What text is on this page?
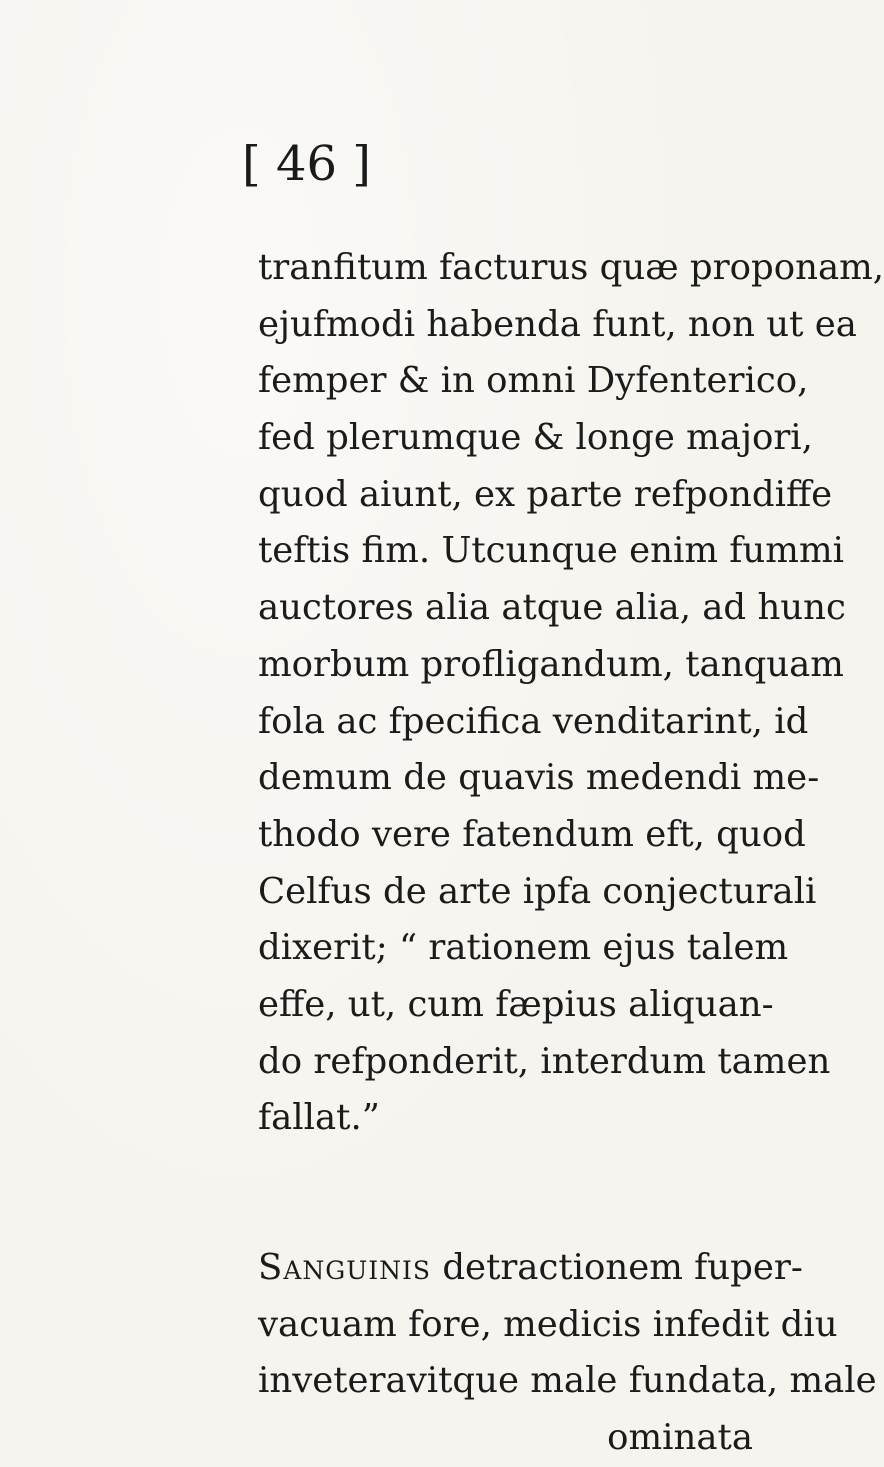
[ 46 ]
tranfitum facturus quæ proponam,
ejufmodi habenda funt, non ut ea
femper & in omni Dyfenterico,
fed plerumque & longe majori,
quod aiunt, ex parte refpondiffe
teftis fim. Utcunque enim fummi
auctores alia atque alia, ad hunc
morbum profligandum, tanquam
fola ac fpecifica venditarint, id
demum de quavis medendi me-
thodo vere fatendum eft, quod
Celfus de arte ipfa conjecturali
dixerit; “ rationem ejus talem
effe, ut, cum fæpius aliquan-
do refponderit, interdum tamen
fallat.”
Sanguinis detractionem fuper-
vacuam fore, medicis infedit diu
inveteravitque male fundata, male
ominata
